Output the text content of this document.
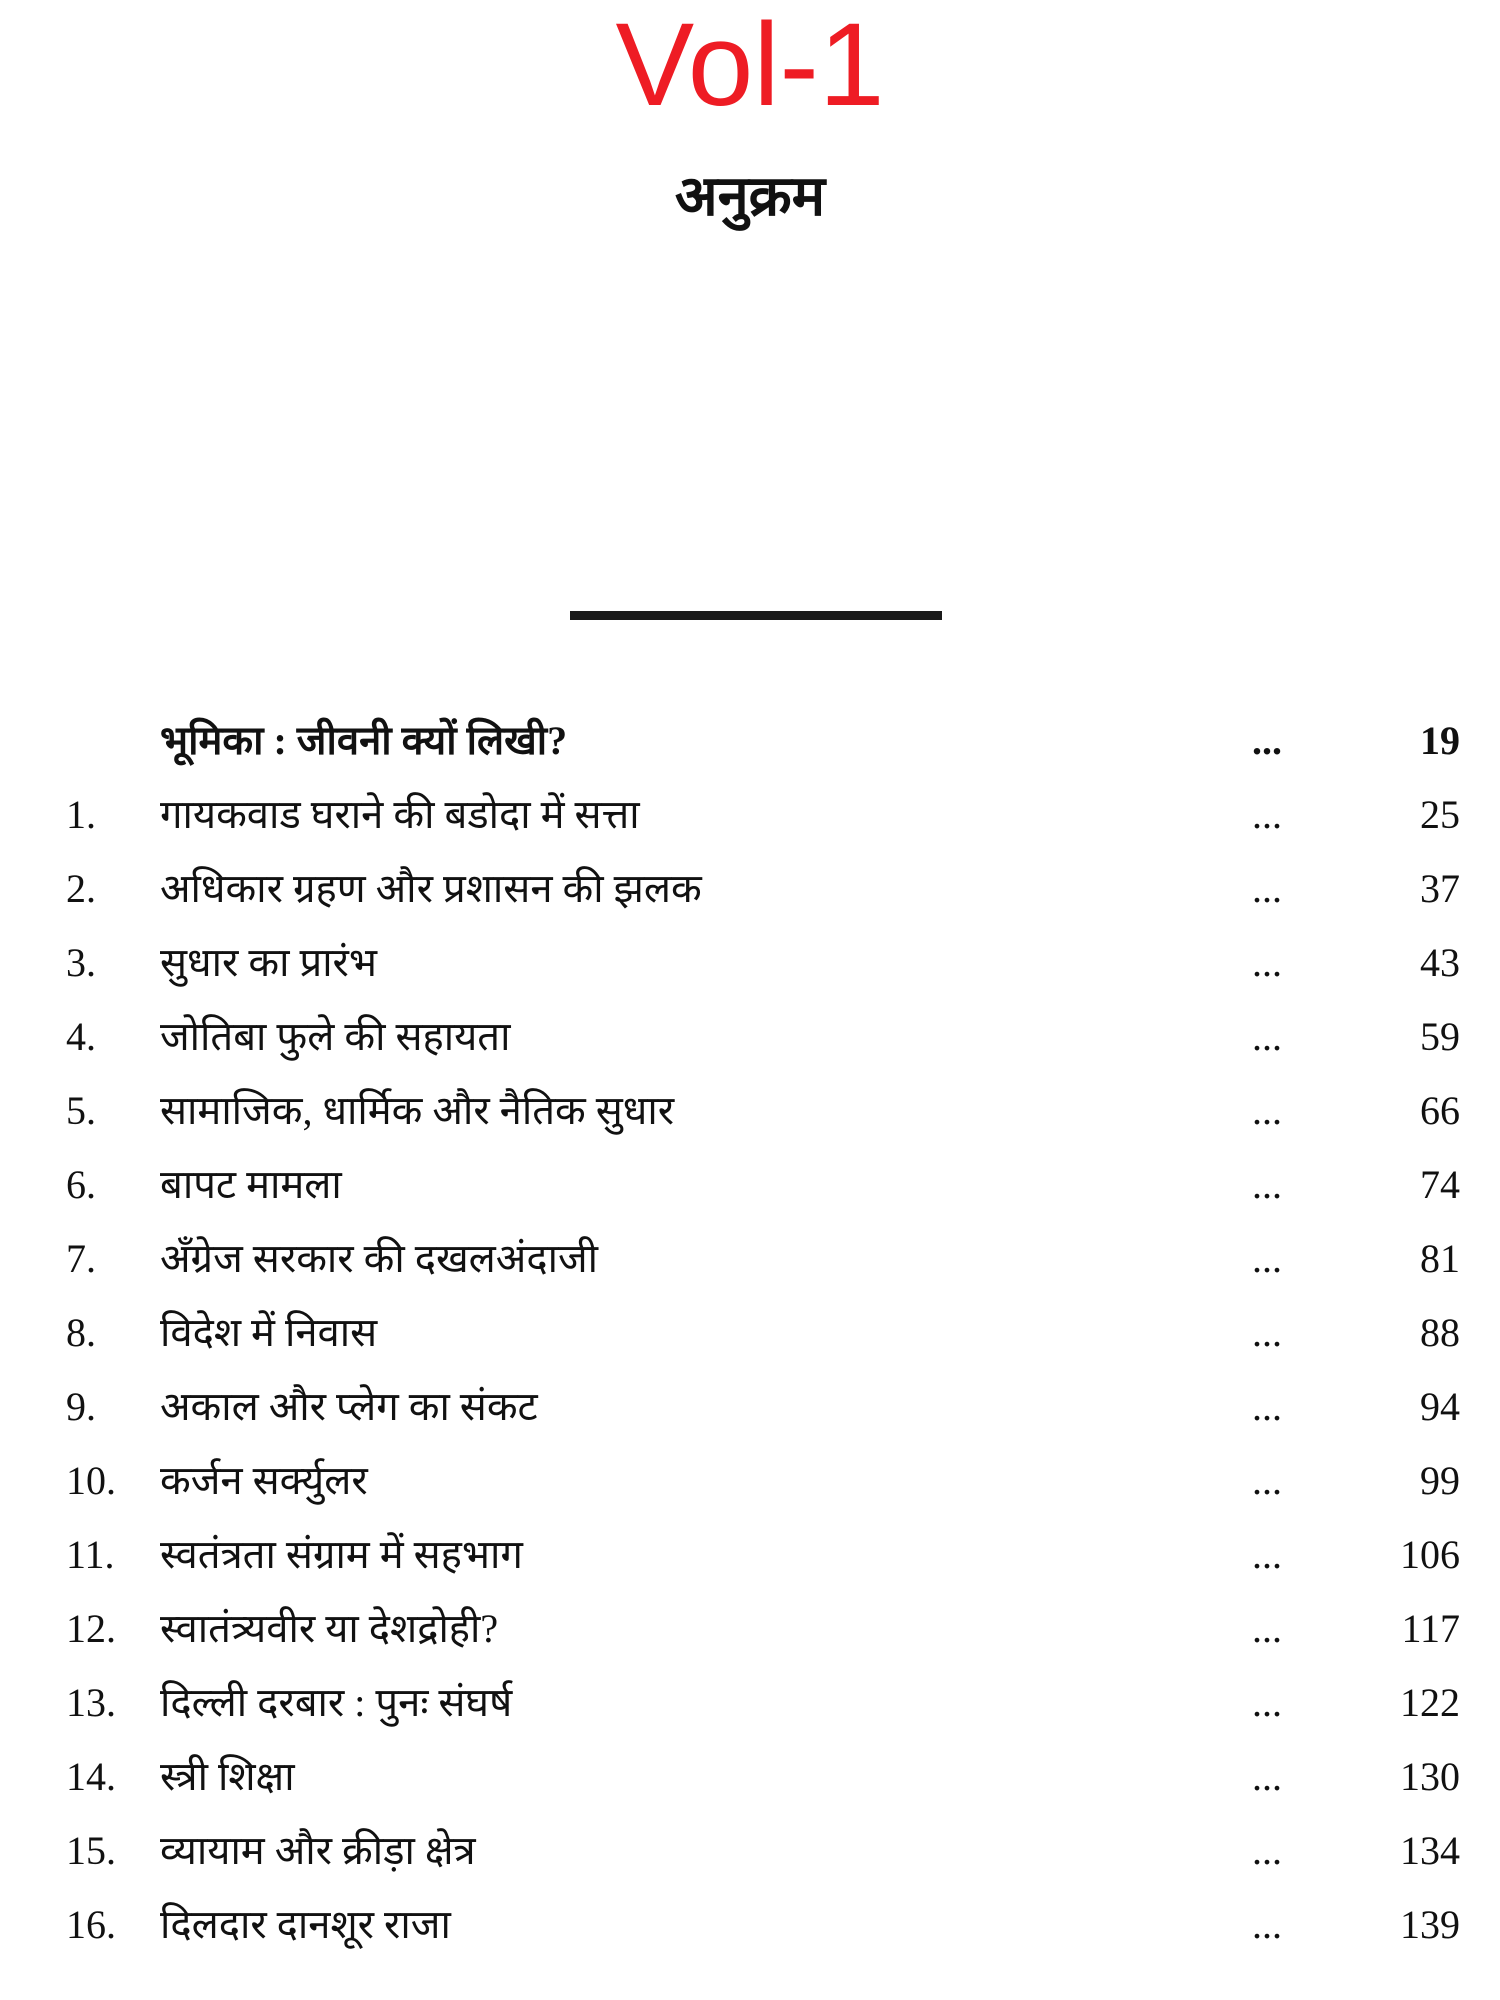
Vol-1
अनुक्रम
भूमिका : जीवनी क्यों लिखी?	...	19
1. गायकवाड घराने की बडोदा में सत्ता	...	25
2. अधिकार ग्रहण और प्रशासन की झलक	...	37
3. सुधार का प्रारंभ	...	43
4. जोतिबा फुले की सहायता	...	59
5. सामाजिक, धार्मिक और नैतिक सुधार	...	66
6. बापट मामला	...	74
7. अँग्रेज सरकार की दखलअंदाजी	...	81
8. विदेश में निवास	...	88
9. अकाल और प्लेग का संकट	...	94
10. कर्जन सर्क्युलर	...	99
11. स्वतंत्रता संग्राम में सहभाग	...	106
12. स्वातंत्र्यवीर या देशद्रोही?	...	117
13. दिल्ली दरबार : पुनः संघर्ष	...	122
14. स्त्री शिक्षा	...	130
15. व्यायाम और क्रीड़ा क्षेत्र	...	134
16. दिलदार दानशूर राजा	...	139
